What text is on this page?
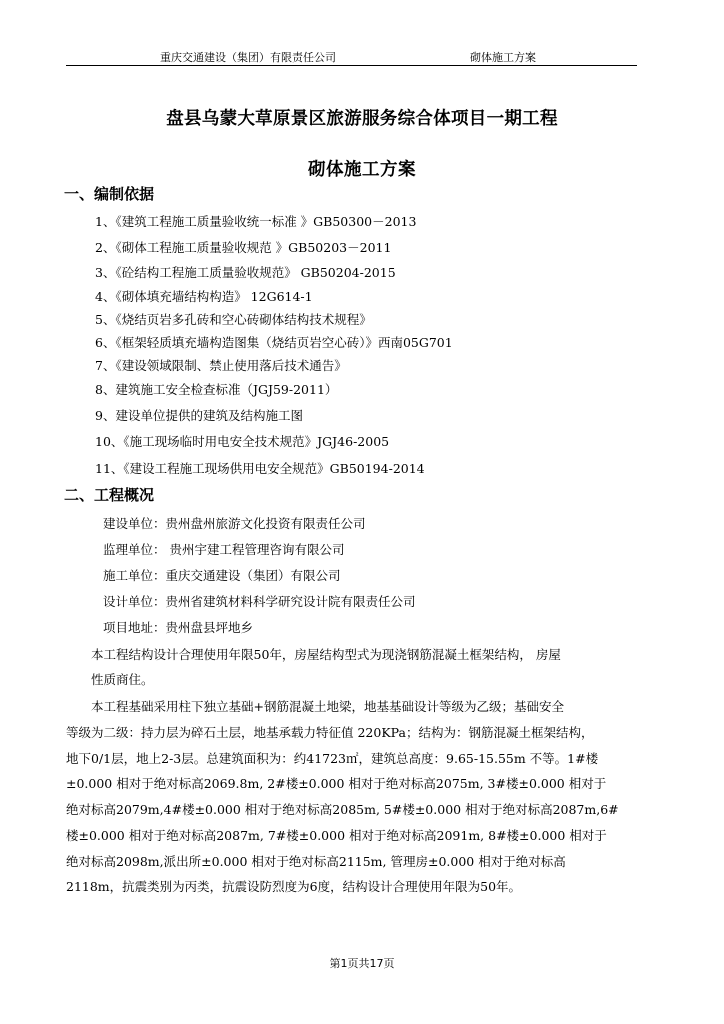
重庆交通建设（集团）有限责任公司	砌体施工方案
盘县乌蒙大草原景区旅游服务综合体项目一期工程
砌体施工方案
一、编制依据
1、《建筑工程施工质量验收统一标准 》GB50300－2013
2、《砌体工程施工质量验收规范 》GB50203－2011
3、《砼结构工程施工质量验收规范》 GB50204-2015
4、《砌体填充墙结构构造》 12G614-1
5、《烧结页岩多孔砖和空心砖砌体结构技术规程》
6、《框架轻质填充墙构造图集（烧结页岩空心砖）》西南05G701
7、《建设领域限制、禁止使用落后技术通告》
8、建筑施工安全检查标准（JGJ59-2011）
9、建设单位提供的建筑及结构施工图
10、《施工现场临时用电安全技术规范》JGJ46-2005
11、《建设工程施工现场供用电安全规范》GB50194-2014
二、工程概况
建设单位：贵州盘州旅游文化投资有限责任公司
监理单位： 贵州宇建工程管理咨询有限公司
施工单位：重庆交通建设（集团）有限公司
设计单位：贵州省建筑材料科学研究设计院有限责任公司
项目地址：贵州盘县坪地乡
本工程结构设计合理使用年限50年，房屋结构型式为现浇钢筋混凝土框架结构， 房屋
性质商住。
本工程基础采用柱下独立基础+钢筋混凝土地梁，地基基础设计等级为乙级；基础安全
等级为二级：持力层为碎石土层，地基承载力特征值 220KPa；结构为：钢筋混凝土框架结构，
地下0/1层，地上2-3层。总建筑面积为：约41723㎡，建筑总高度：9.65-15.55m 不等。1#楼
±0.000 相对于绝对标高2069.8m, 2#楼±0.000 相对于绝对标高2075m, 3#楼±0.000 相对于
绝对标高2079m,4#楼±0.000 相对于绝对标高2085m, 5#楼±0.000 相对于绝对标高2087m,6#
楼±0.000 相对于绝对标高2087m, 7#楼±0.000 相对于绝对标高2091m, 8#楼±0.000 相对于
绝对标高2098m,派出所±0.000 相对于绝对标高2115m, 管理房±0.000 相对于绝对标高
2118m，抗震类别为丙类，抗震设防烈度为6度，结构设计合理使用年限为50年。
第1页共17页
